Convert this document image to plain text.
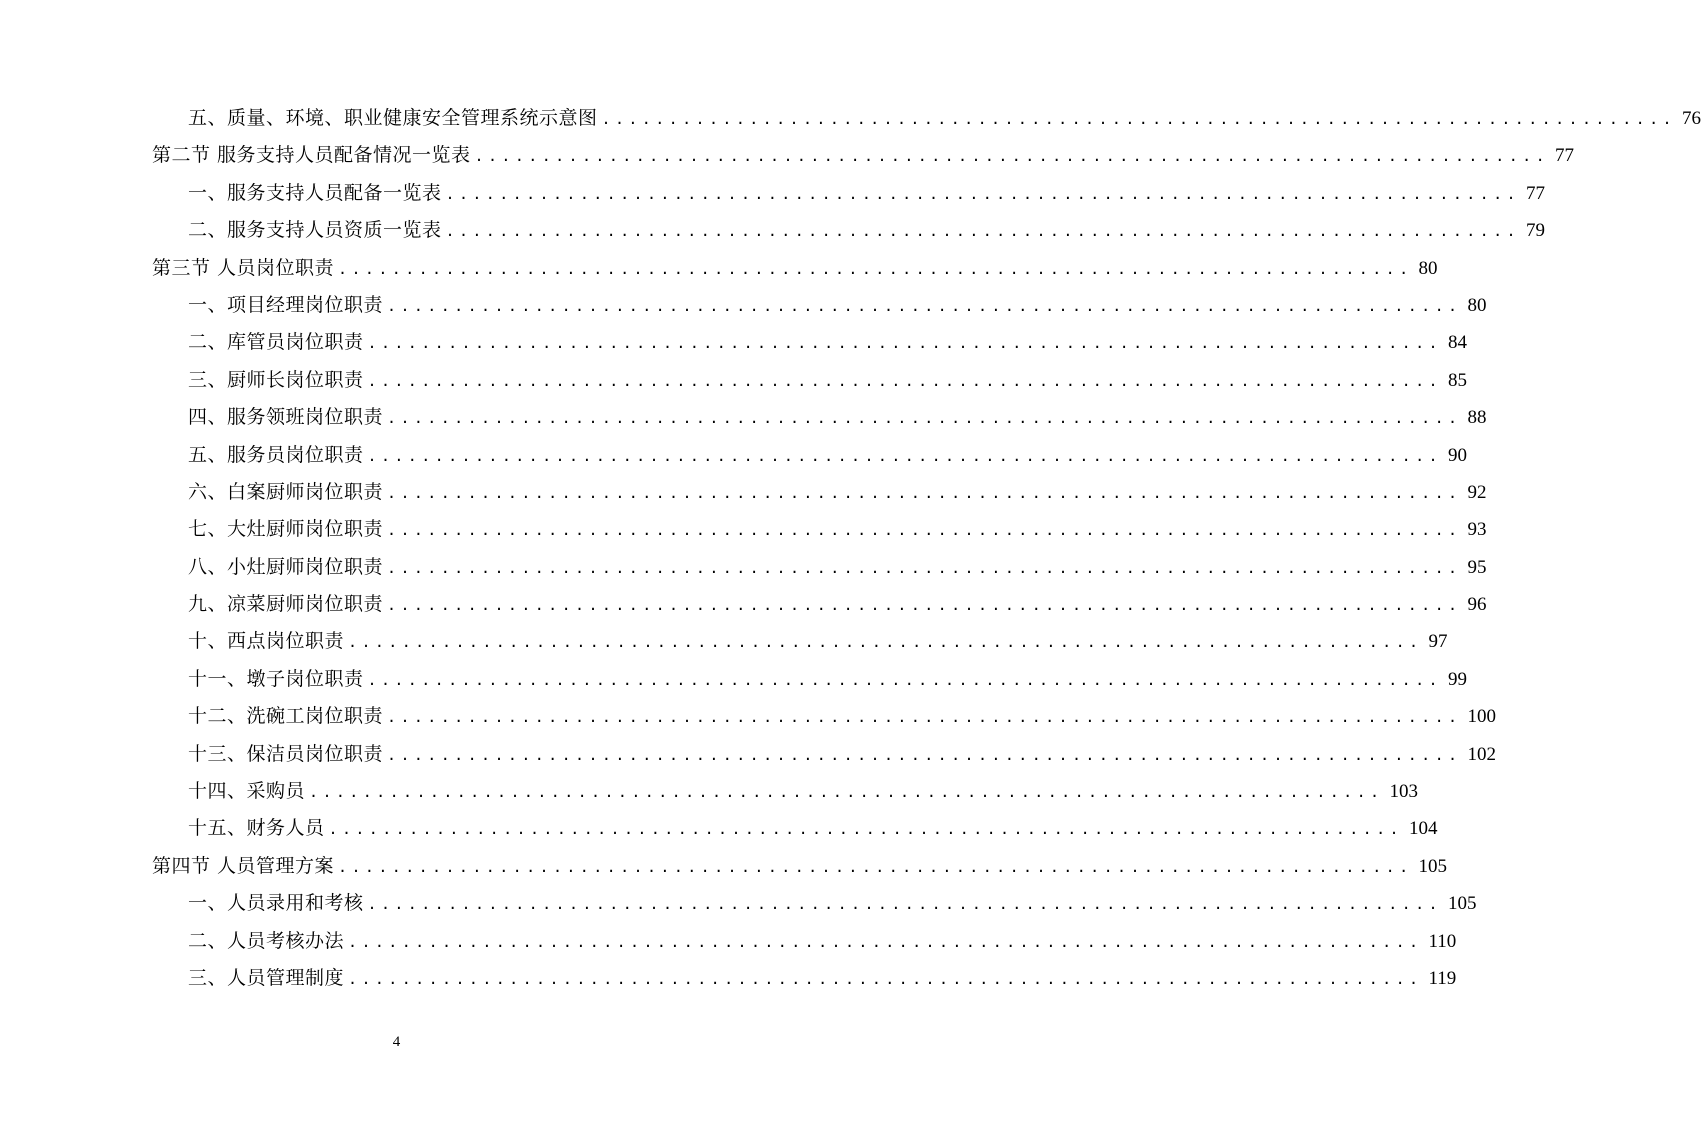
五、质量、环境、职业健康安全管理系统示意图 ................................................................................ 76
第二节 服务支持人员配备情况一览表 ................................................................................ 77
一、服务支持人员配备一览表 ................................................................................ 77
二、服务支持人员资质一览表 ................................................................................ 79
第三节 人员岗位职责 ................................................................................ 80
一、项目经理岗位职责 ................................................................................ 80
二、库管员岗位职责 ................................................................................ 84
三、厨师长岗位职责 ................................................................................ 85
四、服务领班岗位职责 ................................................................................ 88
五、服务员岗位职责 ................................................................................ 90
六、白案厨师岗位职责 ................................................................................ 92
七、大灶厨师岗位职责 ................................................................................ 93
八、小灶厨师岗位职责 ................................................................................ 95
九、凉菜厨师岗位职责 ................................................................................ 96
十、西点岗位职责 ................................................................................ 97
十一、墩子岗位职责 ................................................................................ 99
十二、洗碗工岗位职责 ................................................................................ 100
十三、保洁员岗位职责 ................................................................................ 102
十四、采购员 ................................................................................ 103
十五、财务人员 ................................................................................ 104
第四节 人员管理方案 ................................................................................ 105
一、人员录用和考核 ................................................................................ 105
二、人员考核办法 ................................................................................ 110
三、人员管理制度 ................................................................................ 119
4
